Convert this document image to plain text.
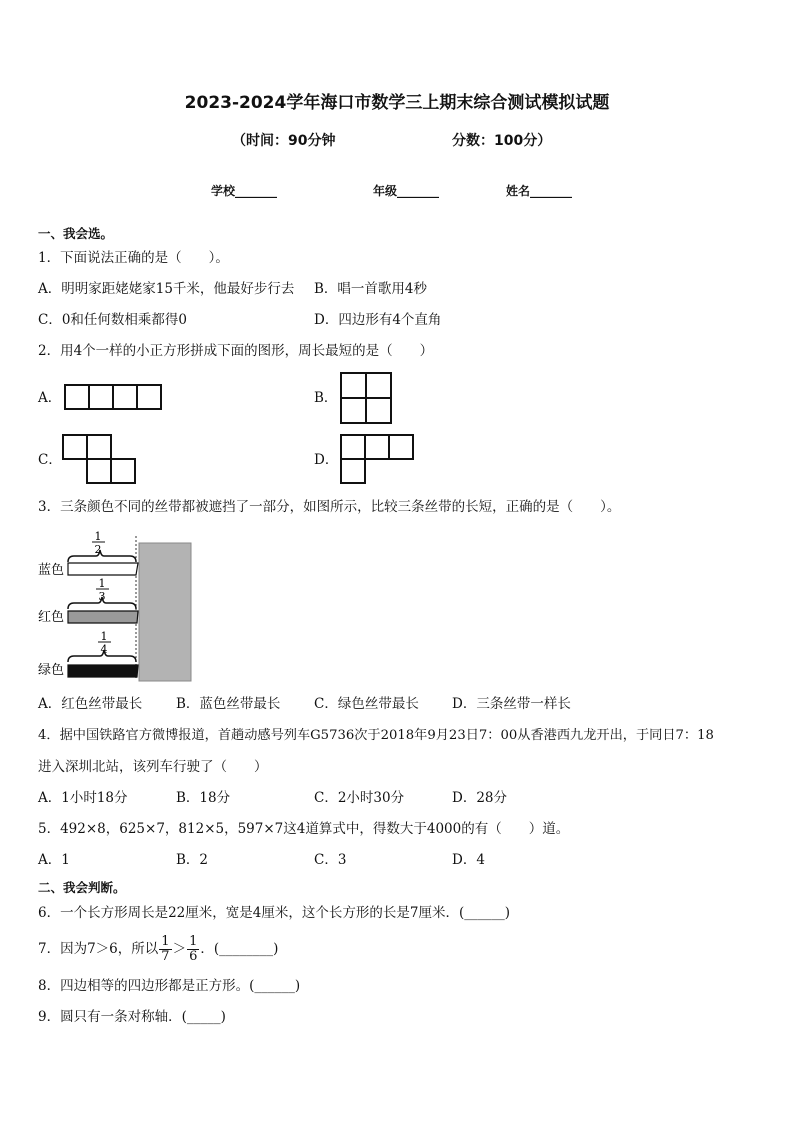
2023-2024学年海口市数学三上期末综合测试模拟试题
（时间：90分钟	分数：100分）
学校_______	年级_______	姓名_______
一、我会选。
1．下面说法正确的是（　　）。
A．明明家距姥姥家15千米，他最好步行去 B．唱一首歌用4秒
C．0和任何数相乘都得0	D．四边形有4个直角
2．用4个一样的小正方形拼成下面的图形，周长最短的是（　　）
A．	B．
C．	D．
3．三条颜色不同的丝带都被遮挡了一部分，如图所示，比较三条丝带的长短，正确的是（　　）。
蓝色
1
2
红色
1
3
绿色
1
4
A．红色丝带最长	B．蓝色丝带最长 C．绿色丝带最长 D．三条丝带一样长
4．据中国铁路官方微博报道，首趟动感号列车G5736次于2018年9月23日7：00从香港西九龙开出，于同日7：18
进入深圳北站，该列车行驶了（　　）
A．1小时18分	B．18分	C．2小时30分	D．28分
5．492×8，625×7，812×5，597×7这4道算式中，得数大于4000的有（　　）道。
A．1	B．2	C．3	D．4
二、我会判断。
6．一个长方形周长是22厘米，宽是4厘米，这个长方形的长是7厘米．(______)
7．因为7＞6，所以 $\frac{1}{7} > \frac{1}{6}$ ．(________)
8．四边相等的四边形都是正方形。(______)
9．圆只有一条对称轴．(_____)
